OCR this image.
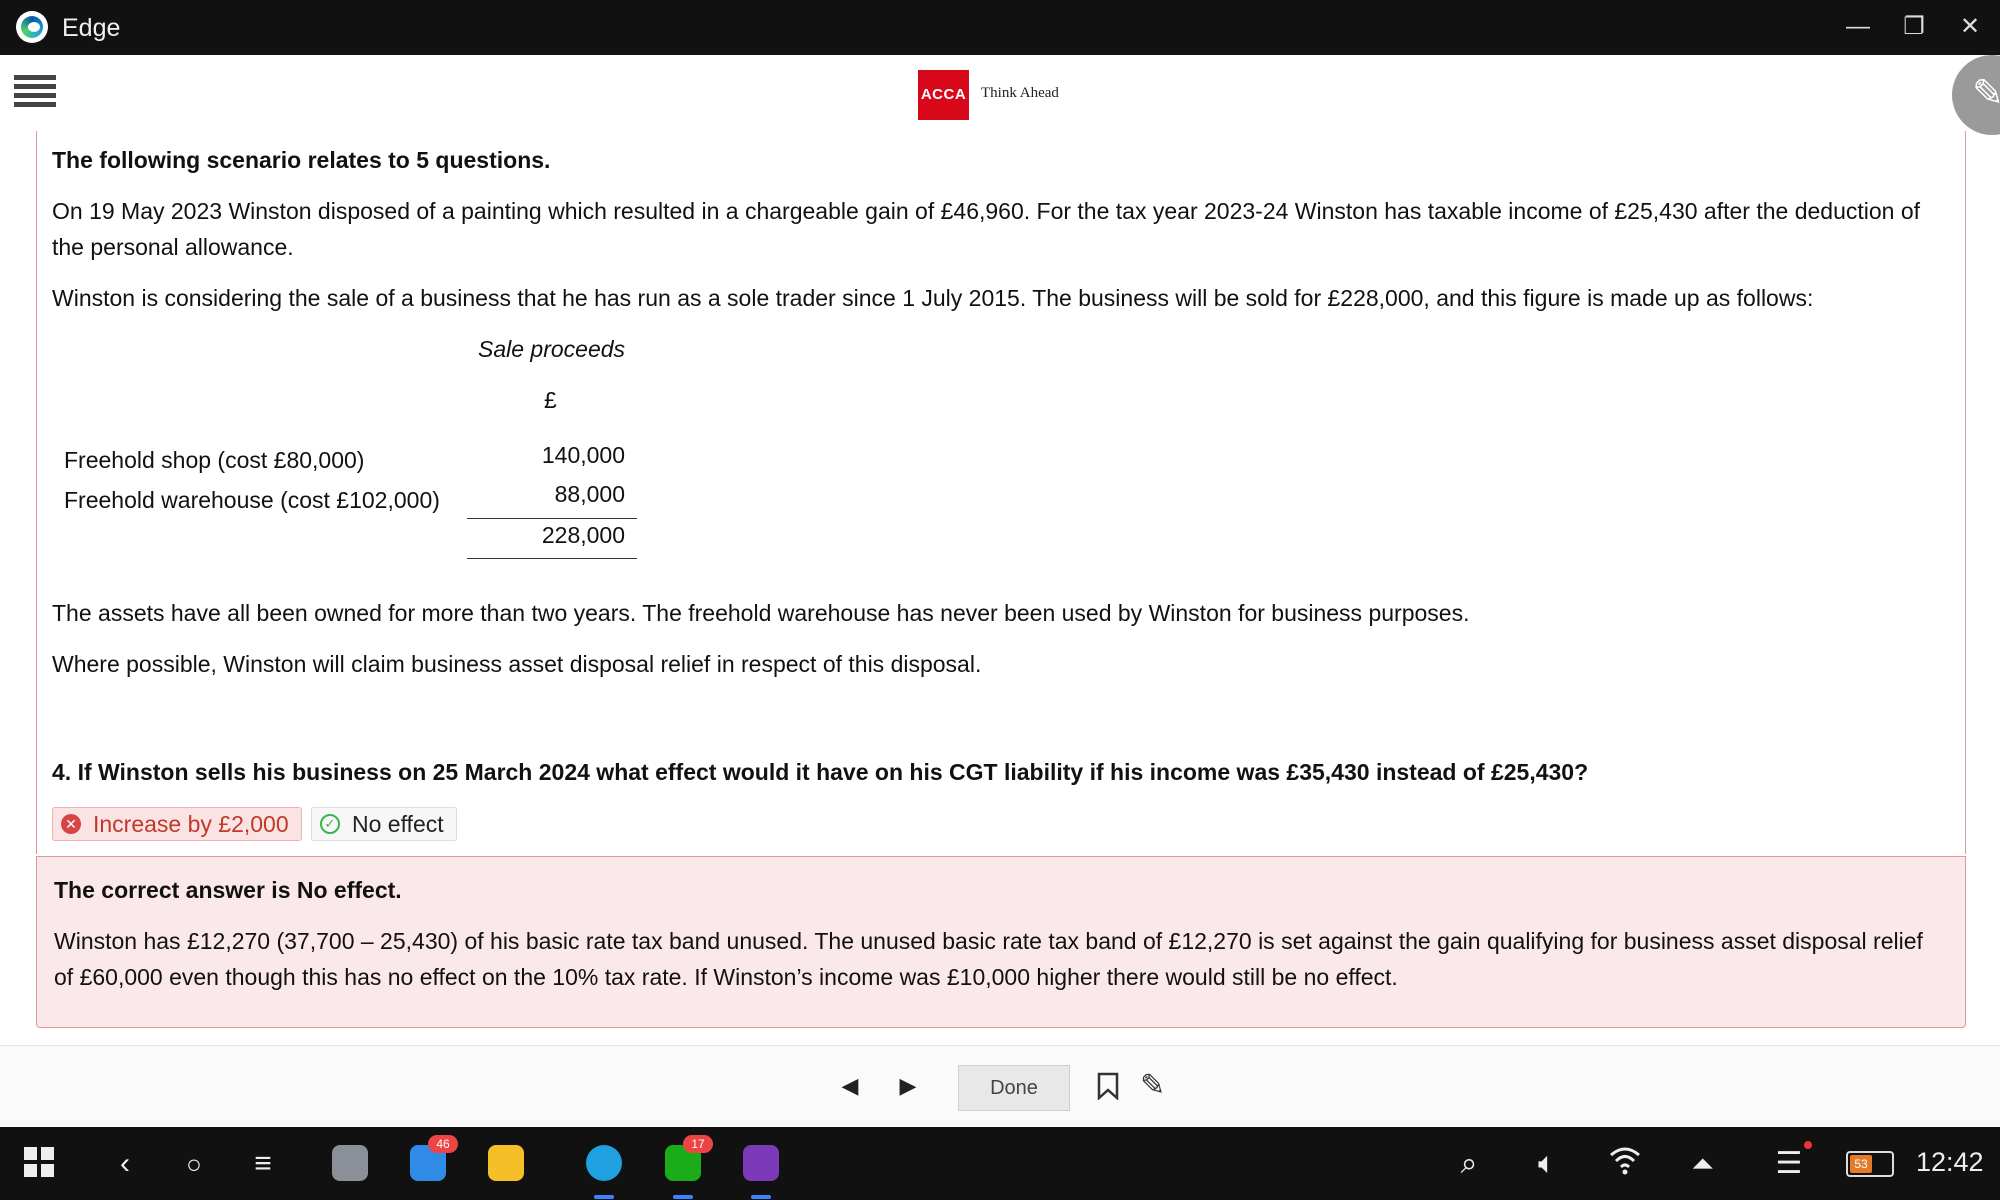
Edge	—	❐	✕
ACCA Think Ahead
✎
The following scenario relates to 5 questions.
On 19 May 2023 Winston disposed of a painting which resulted in a chargeable gain of £46,960. For the tax year 2023-24 Winston has taxable income of £25,430 after the deduction of the personal allowance.
Winston is considering the sale of a business that he has run as a sole trader since 1 July 2015. The business will be sold for £228,000, and this figure is made up as follows:
Sale proceeds
£
Freehold shop (cost £80,000)	140,000
Freehold warehouse (cost £102,000)	88,000
228,000
The assets have all been owned for more than two years. The freehold warehouse has never been used by Winston for business purposes.
Where possible, Winston will claim business asset disposal relief in respect of this disposal.
4. If Winston sells his business on 25 March 2024 what effect would it have on his CGT liability if his income was £35,430 instead of £25,430?
✕ Increase by £2,000	✓ No effect
The correct answer is No effect.
Winston has £12,270 (37,700 – 25,430) of his basic rate tax band unused. The unused basic rate tax band of £12,270 is set against the gain qualifying for business asset disposal relief of £60,000 even though this has no effect on the 10% tax rate. If Winston’s income was £10,000 higher there would still be no effect.
◀ ▶	Done	✎
‹	○	≡
46	17
⌕	🔈︎	⏶ ☰	53 12:42
